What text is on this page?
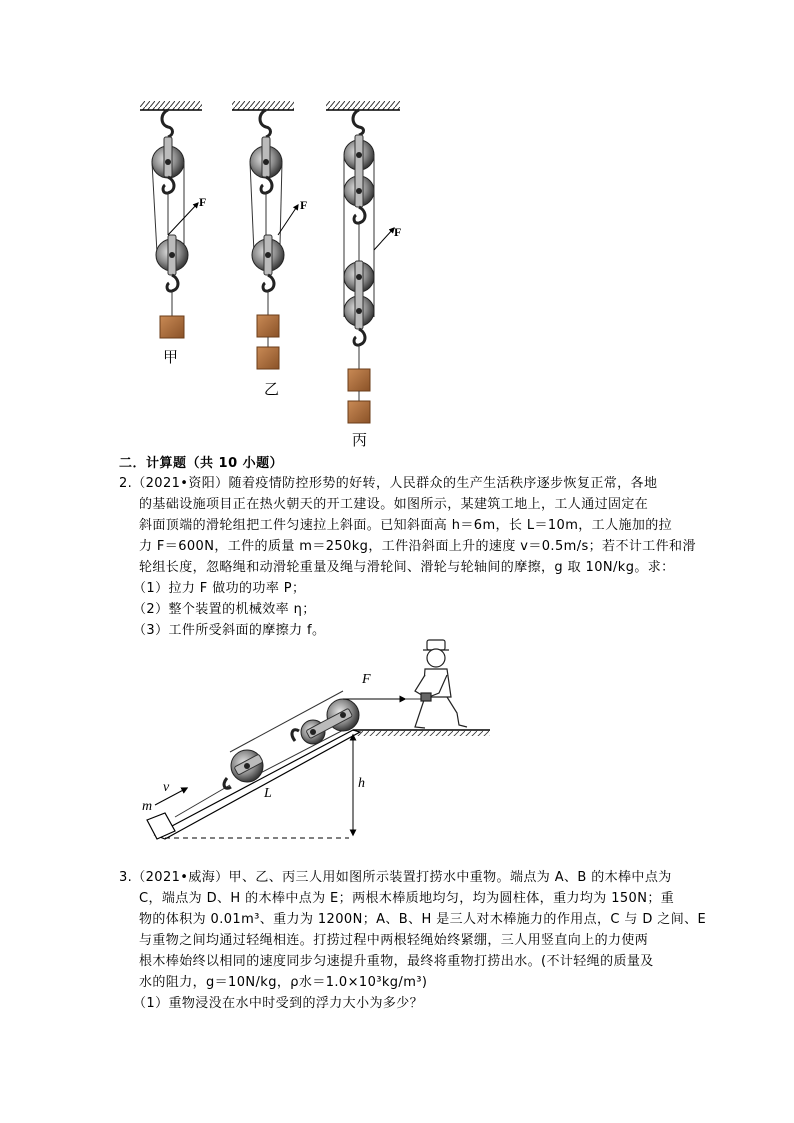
F	F
F
甲
乙
丙
二．计算题（共 10 小题）
2.（2021•资阳）随着疫情防控形势的好转，人民群众的生产生活秩序逐步恢复正常，各地
的基础设施项目正在热火朝天的开工建设。如图所示，某建筑工地上，工人通过固定在
斜面顶端的滑轮组把工件匀速拉上斜面。已知斜面高 h＝6m，长 L＝10m，工人施加的拉
力 F＝600N，工件的质量 m＝250kg，工件沿斜面上升的速度 v＝0.5m/s；若不计工件和滑
轮组长度，忽略绳和动滑轮重量及绳与滑轮间、滑轮与轮轴间的摩擦，g 取 10N/kg。求：
（1）拉力 F 做功的功率 P；
（2）整个装置的机械效率 η；
（3）工件所受斜面的摩擦力 f。
F
v
m
L
h
3.（2021•威海）甲、乙、丙三人用如图所示装置打捞水中重物。端点为 A、B 的木棒中点为
C，端点为 D、H 的木棒中点为 E；两根木棒质地均匀，均为圆柱体，重力均为 150N；重
物的体积为 0.01m³、重力为 1200N；A、B、H 是三人对木棒施力的作用点，C 与 D 之间、E
与重物之间均通过轻绳相连。打捞过程中两根轻绳始终紧绷，三人用竖直向上的力使两
根木棒始终以相同的速度同步匀速提升重物，最终将重物打捞出水。(不计轻绳的质量及
水的阻力，g＝10N/kg，ρ水＝1.0×10³kg/m³)
（1）重物浸没在水中时受到的浮力大小为多少？
